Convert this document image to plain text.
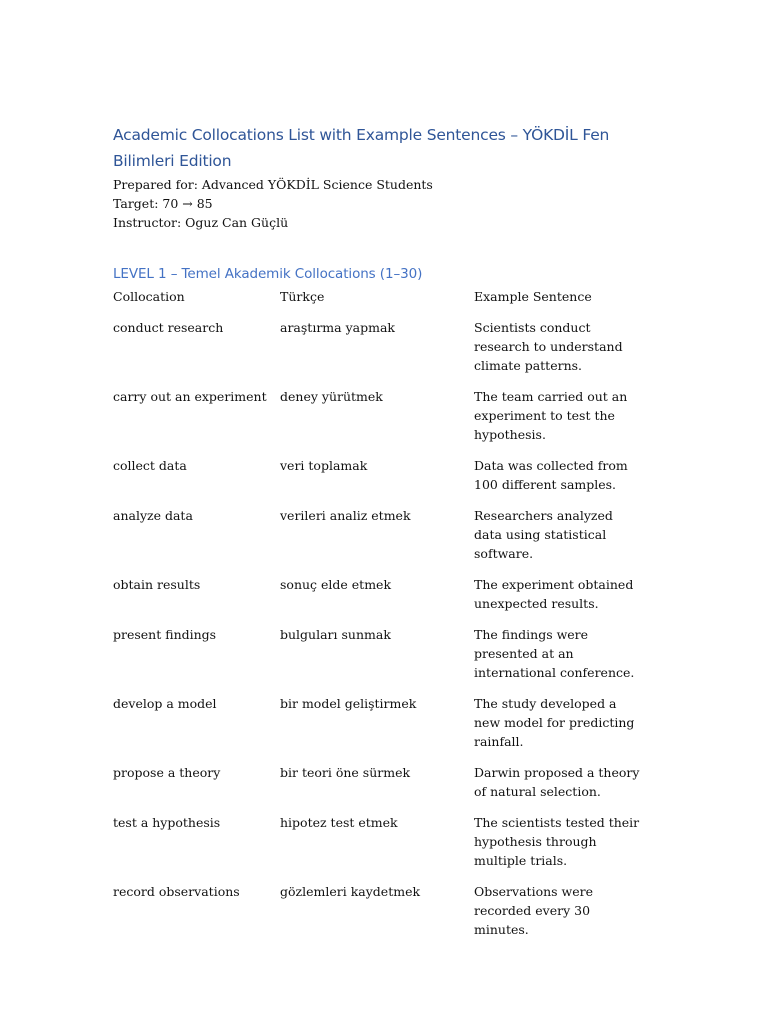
Academic Collocations List with Example Sentences – YÖKDİL Fen Bilimleri Edition
Prepared for: Advanced YÖKDİL Science Students
Target: 70 → 85
Instructor: Oguz Can Güçlü
LEVEL 1 – Temel Akademik Collocations (1–30)
Collocation	Türkçe	Example Sentence
conduct research	araştırma yapmak	Scientists conduct research to understand climate patterns.
carry out an experiment	deney yürütmek	The team carried out an experiment to test the hypothesis.
collect data	veri toplamak	Data was collected from 100 different samples.
analyze data	verileri analiz etmek	Researchers analyzed data using statistical software.
obtain results	sonuç elde etmek	The experiment obtained unexpected results.
present findings	bulguları sunmak	The findings were presented at an international conference.
develop a model	bir model geliştirmek	The study developed a new model for predicting rainfall.
propose a theory	bir teori öne sürmek	Darwin proposed a theory of natural selection.
test a hypothesis	hipotez test etmek	The scientists tested their hypothesis through multiple trials.
record observations	gözlemleri kaydetmek	Observations were recorded every 30 minutes.
